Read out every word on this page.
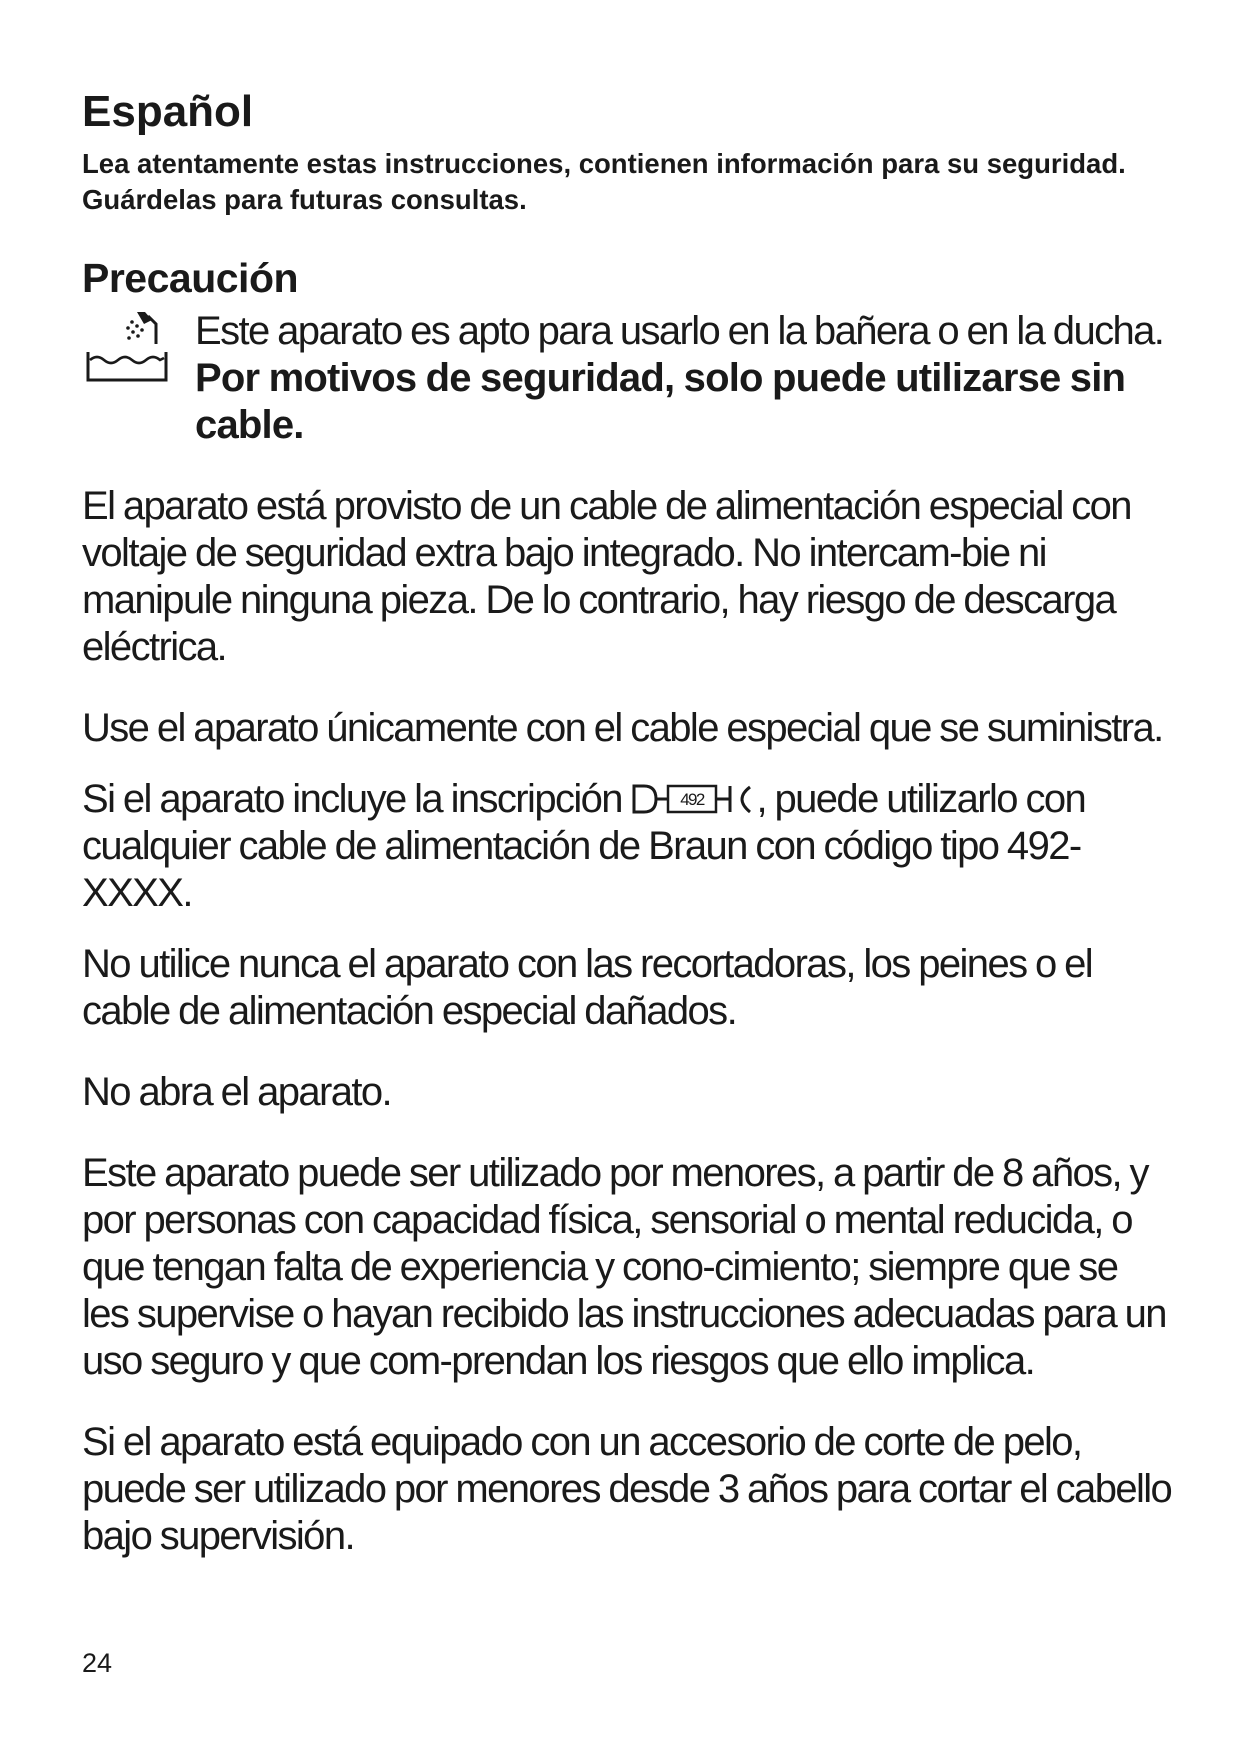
Español

Lea atentamente estas instrucciones, contienen información para su seguridad. Guárdelas para futuras consultas.

Precaución

Este aparato es apto para usarlo en la bañera o en la ducha. Por motivos de seguridad, solo puede utilizarse sin cable.

El aparato está provisto de un cable de alimentación especial con voltaje de seguridad extra bajo integrado. No intercam-bie ni manipule ninguna pieza. De lo contrario, hay riesgo de descarga eléctrica.

Use el aparato únicamente con el cable especial que se suministra.

Si el aparato incluye la inscripción	492 , puede utilizarlo con cualquier cable de alimentación de Braun con código tipo 492-XXXX.

No utilice nunca el aparato con las recortadoras, los peines o el cable de alimentación especial dañados.

No abra el aparato.

Este aparato puede ser utilizado por menores, a partir de 8 años, y por personas con capacidad física, sensorial o mental reducida, o que tengan falta de experiencia y cono-cimiento; siempre que se les supervise o hayan recibido las instrucciones adecuadas para un uso seguro y que com-prendan los riesgos que ello implica.

Si el aparato está equipado con un accesorio de corte de pelo, puede ser utilizado por menores desde 3 años para cortar el cabello bajo supervisión.

24
